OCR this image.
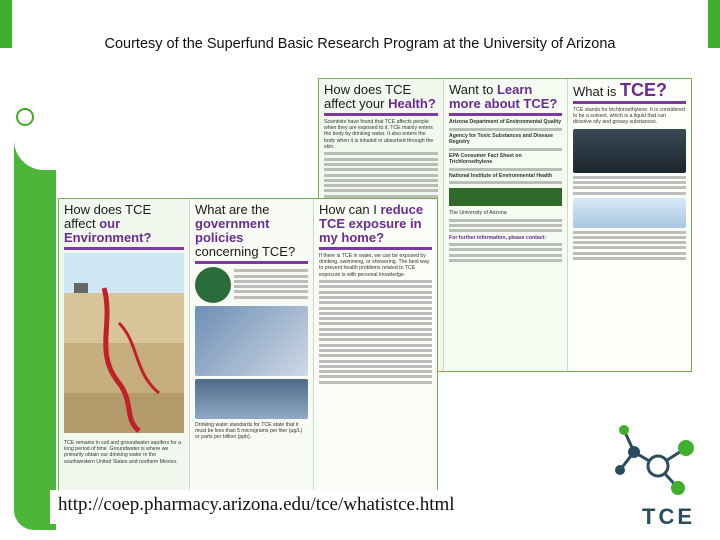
Courtesy of the Superfund Basic Research Program at the University of Arizona
How does TCE affect your Health?
Scientists have found that TCE affects people when they are exposed to it. TCE mainly enters the body by drinking water. It also enters the body when it is inhaled or absorbed through the skin.
Want to Learn more about TCE?
Arizona Department of Environmental Quality
Agency for Toxic Substances and Disease Registry
EPA Consumer Fact Sheet on Trichloroethylene
National Institute of Environmental Health
The University of Arizona
For further information, please contact:
What is TCE?
TCE stands for trichloroethylene. It is considered to be a solvent, which is a liquid that can dissolve oily and greasy substances.
How does TCE affect our Environment?
TCE remains in soil and groundwater aquifers for a long period of time. Groundwater is where we primarily obtain our drinking water in the southwestern United States and northern Mexico.
What are the government policies concerning TCE?
Drinking water standards for TCE state that it must be less than 5 micrograms per liter (µg/L) or parts per billion (ppb).
How can I reduce TCE exposure in my home?
If there is TCE in water, we can be exposed by drinking, swimming, or showering. The best way to prevent health problems related to TCE exposure is with personal knowledge.
http://coep.pharmacy.arizona.edu/tce/whatistce.html	TCE
